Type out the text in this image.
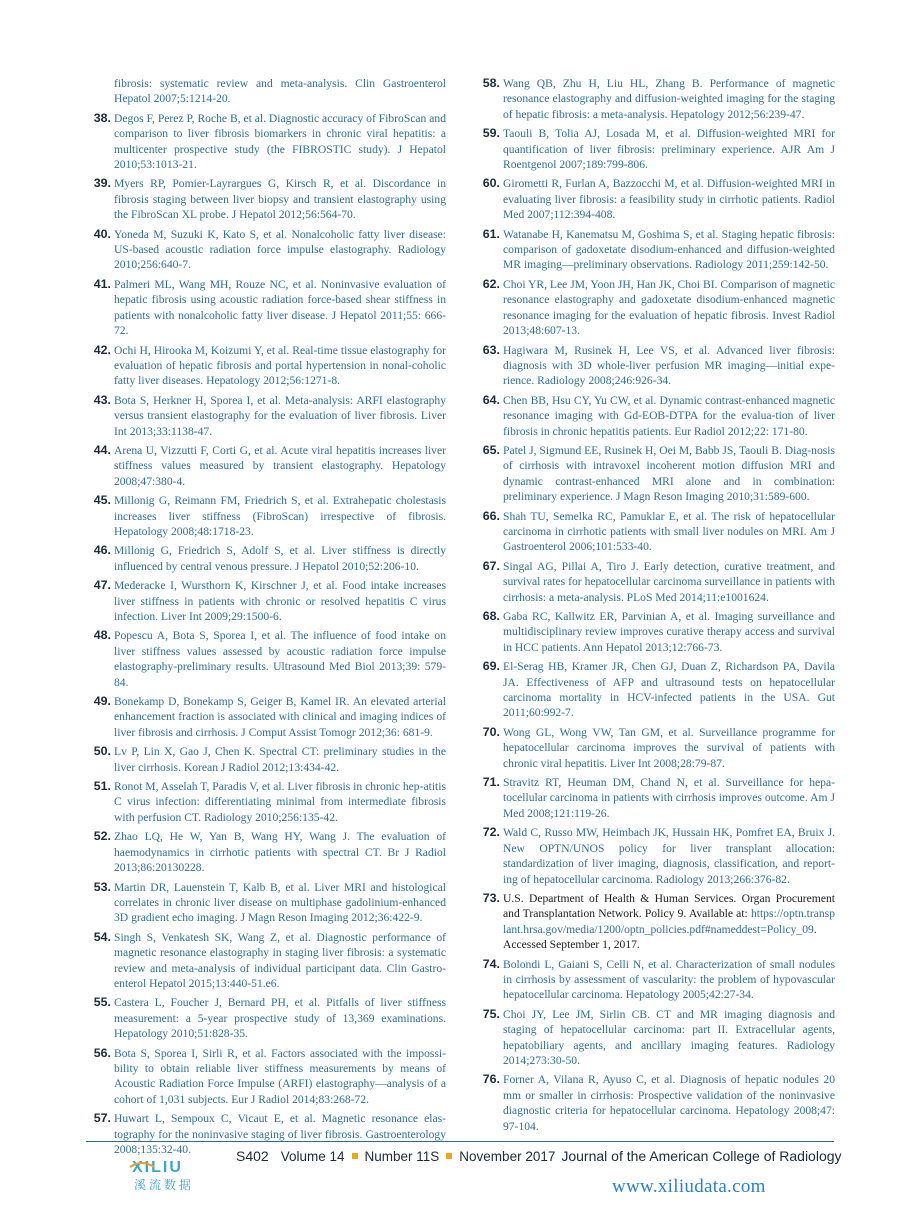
fibrosis: systematic review and meta-analysis. Clin Gastroenterol Hepatol 2007;5:1214-20.
38. Degos F, Perez P, Roche B, et al. Diagnostic accuracy of FibroScan and comparison to liver fibrosis biomarkers in chronic viral hepatitis: a multicenter prospective study (the FIBROSTIC study). J Hepatol 2010;53:1013-21.
39. Myers RP, Pomier-Layrargues G, Kirsch R, et al. Discordance in fibrosis staging between liver biopsy and transient elastography using the FibroScan XL probe. J Hepatol 2012;56:564-70.
40. Yoneda M, Suzuki K, Kato S, et al. Nonalcoholic fatty liver disease: US-based acoustic radiation force impulse elastography. Radiology 2010;256:640-7.
41. Palmeri ML, Wang MH, Rouze NC, et al. Noninvasive evaluation of hepatic fibrosis using acoustic radiation force-based shear stiffness in patients with nonalcoholic fatty liver disease. J Hepatol 2011;55: 666-72.
42. Ochi H, Hirooka M, Koizumi Y, et al. Real-time tissue elastography for evaluation of hepatic fibrosis and portal hypertension in nonal-coholic fatty liver diseases. Hepatology 2012;56:1271-8.
43. Bota S, Herkner H, Sporea I, et al. Meta-analysis: ARFI elastography versus transient elastography for the evaluation of liver fibrosis. Liver Int 2013;33:1138-47.
44. Arena U, Vizzutti F, Corti G, et al. Acute viral hepatitis increases liver stiffness values measured by transient elastography. Hepatology 2008;47:380-4.
45. Millonig G, Reimann FM, Friedrich S, et al. Extrahepatic cholestasis increases liver stiffness (FibroScan) irrespective of fibrosis. Hepatology 2008;48:1718-23.
46. Millonig G, Friedrich S, Adolf S, et al. Liver stiffness is directly influenced by central venous pressure. J Hepatol 2010;52:206-10.
47. Mederacke I, Wursthorn K, Kirschner J, et al. Food intake increases liver stiffness in patients with chronic or resolved hepatitis C virus infection. Liver Int 2009;29:1500-6.
48. Popescu A, Bota S, Sporea I, et al. The influence of food intake on liver stiffness values assessed by acoustic radiation force impulse elastography-preliminary results. Ultrasound Med Biol 2013;39: 579-84.
49. Bonekamp D, Bonekamp S, Geiger B, Kamel IR. An elevated arterial enhancement fraction is associated with clinical and imaging indices of liver fibrosis and cirrhosis. J Comput Assist Tomogr 2012;36: 681-9.
50. Lv P, Lin X, Gao J, Chen K. Spectral CT: preliminary studies in the liver cirrhosis. Korean J Radiol 2012;13:434-42.
51. Ronot M, Asselah T, Paradis V, et al. Liver fibrosis in chronic hep-atitis C virus infection: differentiating minimal from intermediate fibrosis with perfusion CT. Radiology 2010;256:135-42.
52. Zhao LQ, He W, Yan B, Wang HY, Wang J. The evaluation of haemodynamics in cirrhotic patients with spectral CT. Br J Radiol 2013;86:20130228.
53. Martin DR, Lauenstein T, Kalb B, et al. Liver MRI and histological correlates in chronic liver disease on multiphase gadolinium-enhanced 3D gradient echo imaging. J Magn Reson Imaging 2012;36:422-9.
54. Singh S, Venkatesh SK, Wang Z, et al. Diagnostic performance of magnetic resonance elastography in staging liver fibrosis: a systematic review and meta-analysis of individual participant data. Clin Gastro-enterol Hepatol 2015;13:440-51.e6.
55. Castera L, Foucher J, Bernard PH, et al. Pitfalls of liver stiffness measurement: a 5-year prospective study of 13,369 examinations. Hepatology 2010;51:828-35.
56. Bota S, Sporea I, Sirli R, et al. Factors associated with the impossi-bility to obtain reliable liver stiffness measurements by means of Acoustic Radiation Force Impulse (ARFI) elastography—analysis of a cohort of 1,031 subjects. Eur J Radiol 2014;83:268-72.
57. Huwart L, Sempoux C, Vicaut E, et al. Magnetic resonance elas-tography for the noninvasive staging of liver fibrosis. Gastroenterology 2008;135:32-40.
58. Wang QB, Zhu H, Liu HL, Zhang B. Performance of magnetic resonance elastography and diffusion-weighted imaging for the staging of hepatic fibrosis: a meta-analysis. Hepatology 2012;56:239-47.
59. Taouli B, Tolia AJ, Losada M, et al. Diffusion-weighted MRI for quantification of liver fibrosis: preliminary experience. AJR Am J Roentgenol 2007;189:799-806.
60. Girometti R, Furlan A, Bazzocchi M, et al. Diffusion-weighted MRI in evaluating liver fibrosis: a feasibility study in cirrhotic patients. Radiol Med 2007;112:394-408.
61. Watanabe H, Kanematsu M, Goshima S, et al. Staging hepatic fibrosis: comparison of gadoxetate disodium-enhanced and diffusion-weighted MR imaging—preliminary observations. Radiology 2011;259:142-50.
62. Choi YR, Lee JM, Yoon JH, Han JK, Choi BI. Comparison of magnetic resonance elastography and gadoxetate disodium-enhanced magnetic resonance imaging for the evaluation of hepatic fibrosis. Invest Radiol 2013;48:607-13.
63. Hagiwara M, Rusinek H, Lee VS, et al. Advanced liver fibrosis: diagnosis with 3D whole-liver perfusion MR imaging—initial expe-rience. Radiology 2008;246:926-34.
64. Chen BB, Hsu CY, Yu CW, et al. Dynamic contrast-enhanced magnetic resonance imaging with Gd-EOB-DTPA for the evalua-tion of liver fibrosis in chronic hepatitis patients. Eur Radiol 2012;22: 171-80.
65. Patel J, Sigmund EE, Rusinek H, Oei M, Babb JS, Taouli B. Diag-nosis of cirrhosis with intravoxel incoherent motion diffusion MRI and dynamic contrast-enhanced MRI alone and in combination: preliminary experience. J Magn Reson Imaging 2010;31:589-600.
66. Shah TU, Semelka RC, Pamuklar E, et al. The risk of hepatocellular carcinoma in cirrhotic patients with small liver nodules on MRI. Am J Gastroenterol 2006;101:533-40.
67. Singal AG, Pillai A, Tiro J. Early detection, curative treatment, and survival rates for hepatocellular carcinoma surveillance in patients with cirrhosis: a meta-analysis. PLoS Med 2014;11:e1001624.
68. Gaba RC, Kallwitz ER, Parvinian A, et al. Imaging surveillance and multidisciplinary review improves curative therapy access and survival in HCC patients. Ann Hepatol 2013;12:766-73.
69. El-Serag HB, Kramer JR, Chen GJ, Duan Z, Richardson PA, Davila JA. Effectiveness of AFP and ultrasound tests on hepatocellular carcinoma mortality in HCV-infected patients in the USA. Gut 2011;60:992-7.
70. Wong GL, Wong VW, Tan GM, et al. Surveillance programme for hepatocellular carcinoma improves the survival of patients with chronic viral hepatitis. Liver Int 2008;28:79-87.
71. Stravitz RT, Heuman DM, Chand N, et al. Surveillance for hepa-tocellular carcinoma in patients with cirrhosis improves outcome. Am J Med 2008;121:119-26.
72. Wald C, Russo MW, Heimbach JK, Hussain HK, Pomfret EA, Bruix J. New OPTN/UNOS policy for liver transplant allocation: standardization of liver imaging, diagnosis, classification, and report-ing of hepatocellular carcinoma. Radiology 2013;266:376-82.
73. U.S. Department of Health & Human Services. Organ Procurement and Transplantation Network. Policy 9. Available at: https://optn.transplant.hrsa.gov/media/1200/optn_policies.pdf#nameddest=Policy_09. Accessed September 1, 2017.
74. Bolondi L, Gaiani S, Celli N, et al. Characterization of small nodules in cirrhosis by assessment of vascularity: the problem of hypovascular hepatocellular carcinoma. Hepatology 2005;42:27-34.
75. Choi JY, Lee JM, Sirlin CB. CT and MR imaging diagnosis and staging of hepatocellular carcinoma: part II. Extracellular agents, hepatobiliary agents, and ancillary imaging features. Radiology 2014;273:30-50.
76. Forner A, Vilana R, Ayuso C, et al. Diagnosis of hepatic nodules 20 mm or smaller in cirrhosis: Prospective validation of the noninvasive diagnostic criteria for hepatocellular carcinoma. Hepatology 2008;47: 97-104.
S402 Volume 14 Number 11S November 2017 Journal of the American College of Radiology
XILIU
溪流数据	www.xiliudata.com
